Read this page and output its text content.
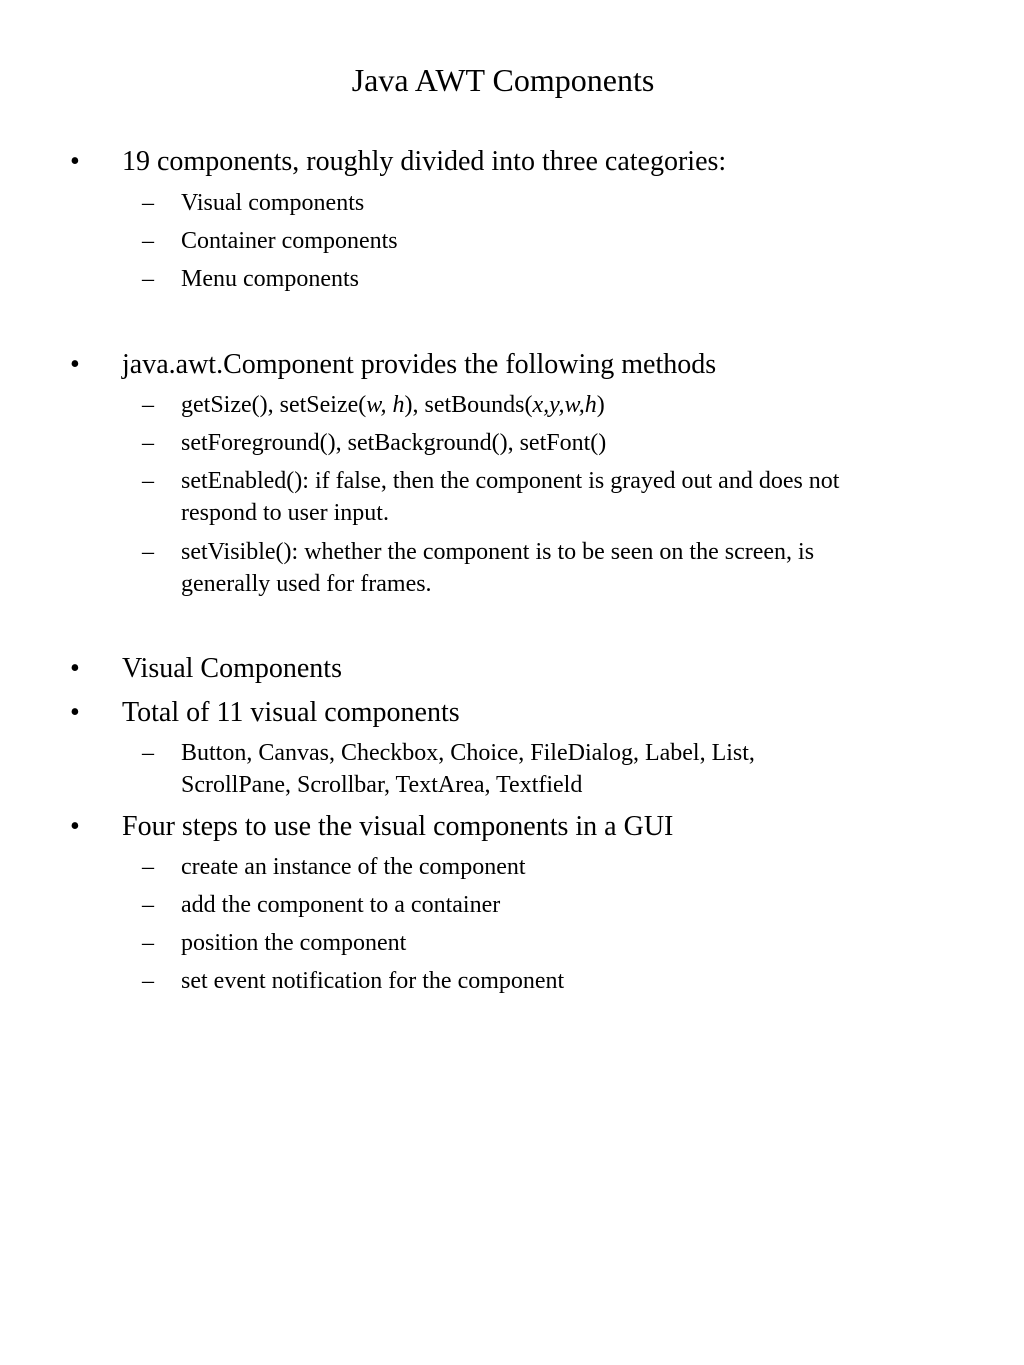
Java AWT Components
• 19 components, roughly divided into three categories:
– Visual components
– Container components
– Menu components
• java.awt.Component provides the following methods
– getSize(), setSeize(w, h), setBounds(x,y,w,h)
– setForeground(), setBackground(), setFont()
– setEnabled(): if false, then the component is grayed out and does not
respond to user input.
– setVisible(): whether the component is to be seen on the screen, is
generally used for frames.
• Visual Components
• Total of 11 visual components
– Button, Canvas, Checkbox, Choice, FileDialog, Label, List,
ScrollPane, Scrollbar, TextArea, Textfield
• Four steps to use the visual components in a GUI
– create an instance of the component
– add the component to a container
– position the component
– set event notification for the component
